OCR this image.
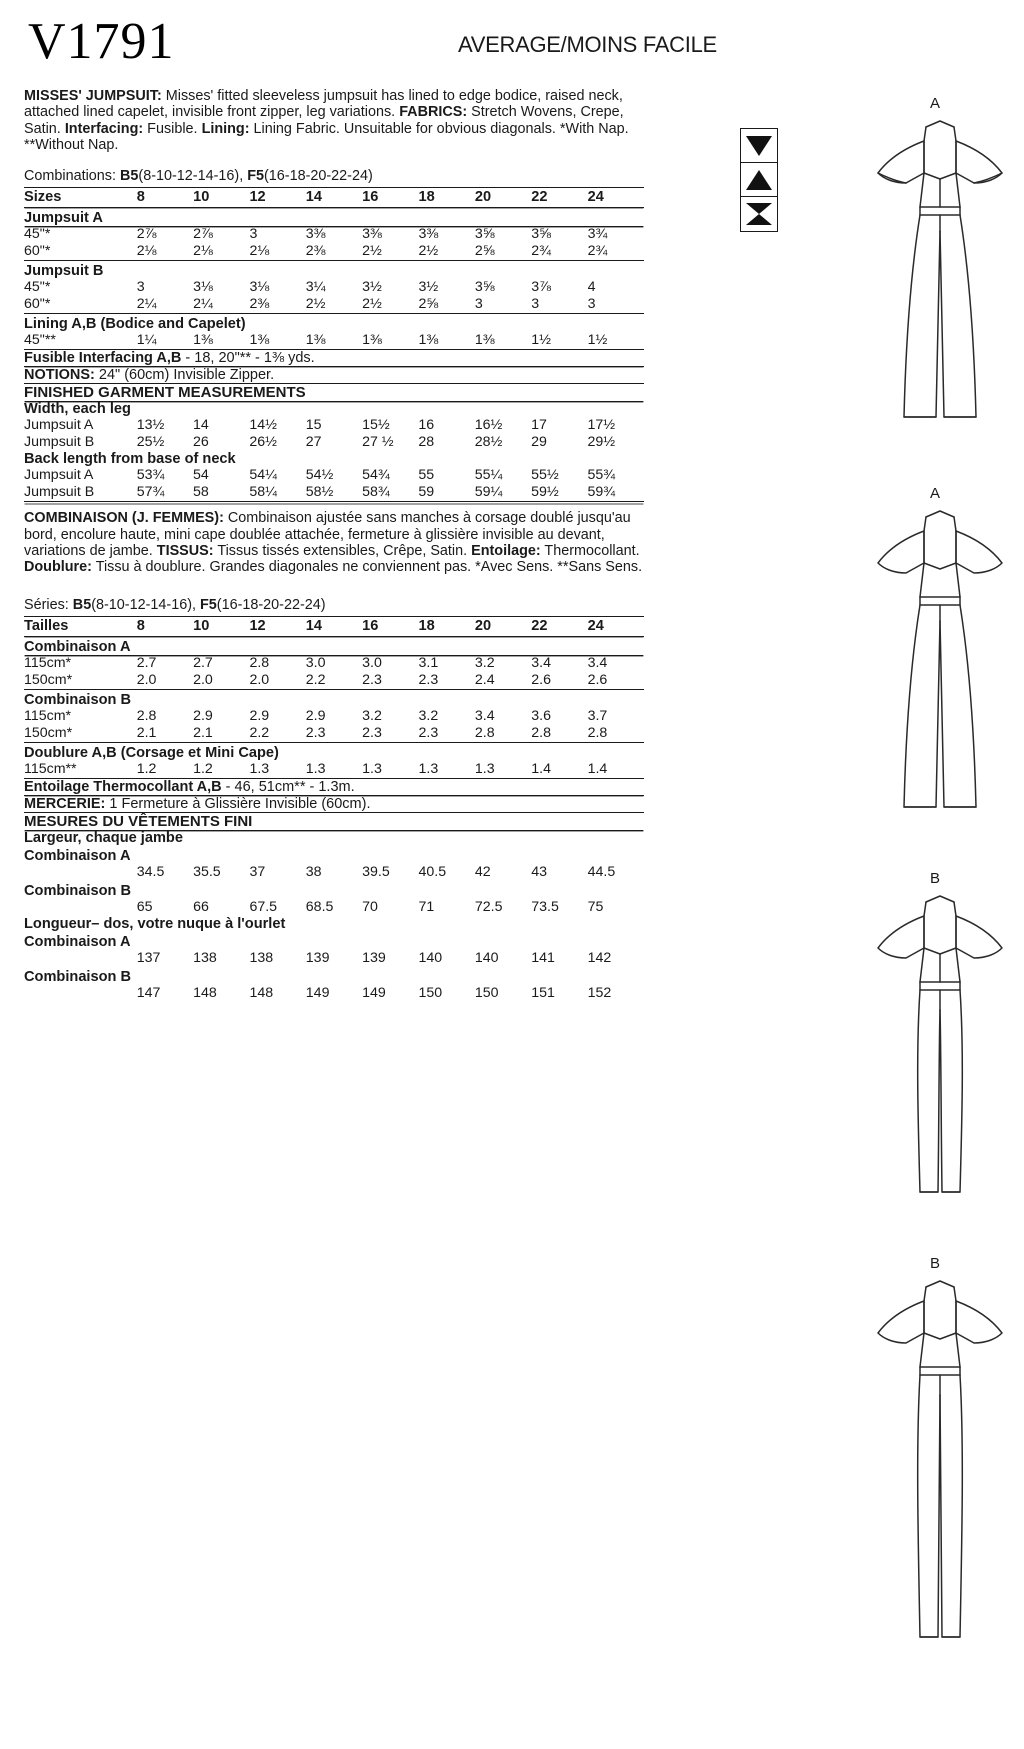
V1791	AVERAGE/MOINS FACILE
MISSES' JUMPSUIT: Misses' fitted sleeveless jumpsuit has lined to edge bodice, raised neck, attached lined capelet, invisible front zipper, leg variations. FABRICS: Stretch Wovens, Crepe, Satin. Interfacing: Fusible. Lining: Lining Fabric. Unsuitable for obvious diagonals. *With Nap. **Without Nap.
Combinations: B5(8-10-12-14-16), F5(16-18-20-22-24)
Sizes	8	10	12	14	16	18	20	22	24
Jumpsuit A									
45"*	2⅞	2⅞	3	3⅜	3⅜	3⅜	3⅝	3⅝	3¾
60"*	2⅛	2⅛	2⅛	2⅜	2½	2½	2⅝	2¾	2¾
Jumpsuit B									
45"*	3	3⅛	3⅛	3¼	3½	3½	3⅝	3⅞	4
60"*	2¼	2¼	2⅜	2½	2½	2⅝	3	3	3
Lining A,B (Bodice and Capelet)									
45"**	1¼	1⅜	1⅜	1⅜	1⅜	1⅜	1⅜	1½	1½
Fusible Interfacing A,B - 18, 20"** - 1⅜ yds.									
NOTIONS: 24" (60cm) Invisible Zipper.									
FINISHED GARMENT MEASUREMENTS									
Width, each leg									
Jumpsuit A	13½	14	14½	15	15½	16	16½	17	17½
Jumpsuit B	25½	26	26½	27	27 ½	28	28½	29	29½
Back length from base of neck									
Jumpsuit A	53¾	54	54¼	54½	54¾	55	55¼	55½	55¾
Jumpsuit B	57¾	58	58¼	58½	58¾	59	59¼	59½	59¾

COMBINAISON (J. FEMMES): Combinaison ajustée sans manches à corsage doublé jusqu'au bord, encolure haute, mini cape doublée attachée, fermeture à glissière invisible au devant, variations de jambe. TISSUS: Tissus tissés extensibles, Crêpe, Satin. Entoilage: Thermocollant. Doublure: Tissu à doublure. Grandes diagonales ne conviennent pas. *Avec Sens. **Sans Sens.
Séries: B5(8-10-12-14-16), F5(16-18-20-22-24)
Tailles	8	10	12	14	16	18	20	22	24
Combinaison A									
115cm*	2.7	2.7	2.8	3.0	3.0	3.1	3.2	3.4	3.4
150cm*	2.0	2.0	2.0	2.2	2.3	2.3	2.4	2.6	2.6
Combinaison B									
115cm*	2.8	2.9	2.9	2.9	3.2	3.2	3.4	3.6	3.7
150cm*	2.1	2.1	2.2	2.3	2.3	2.3	2.8	2.8	2.8
Doublure A,B (Corsage et Mini Cape)									
115cm**	1.2	1.2	1.3	1.3	1.3	1.3	1.3	1.4	1.4
Entoilage Thermocollant A,B - 46, 51cm** - 1.3m.									
MERCERIE: 1 Fermeture à Glissière Invisible (60cm).									
MESURES DU VÊTEMENTS FINI									
Largeur, chaque jambe									
Combinaison A									
	34.5	35.5	37	38	39.5	40.5	42	43	44.5
Combinaison B									
	65	66	67.5	68.5	70	71	72.5	73.5	75
Longueur– dos, votre nuque à l'ourlet									
Combinaison A									
	137	138	138	139	139	140	140	141	142
Combinaison B									
	147	148	148	149	149	150	150	151	152
A
A
B
B
